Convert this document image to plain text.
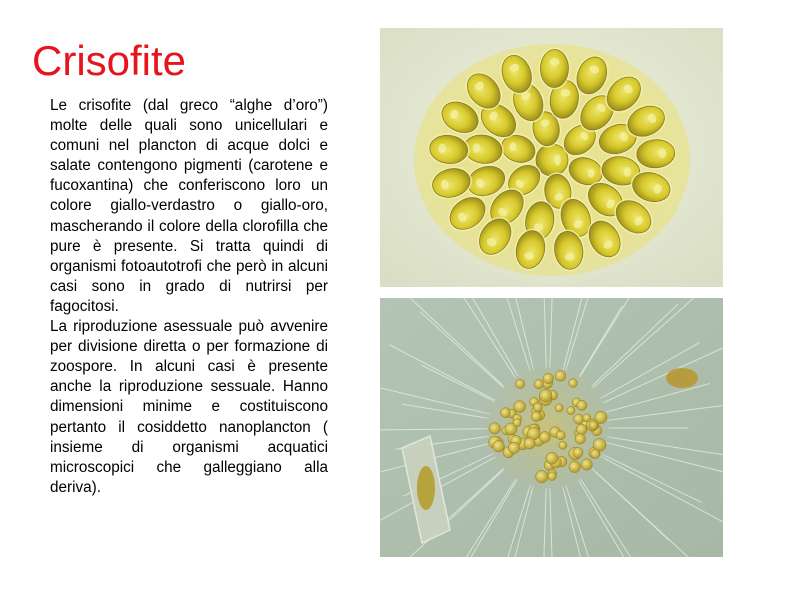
Crisofite

Le crisofite (dal greco “alghe d’oro”) molte delle quali sono unicellulari e comuni nel plancton di acque dolci e salate contengono pigmenti (carotene e fucoxantina) che conferiscono loro un colore giallo-verdastro o giallo-oro, mascherando il colore della clorofilla che pure è presente. Si tratta quindi di organismi fotoautotrofi che però in alcuni casi sono in grado di nutrirsi per fagocitosi.

La riproduzione asessuale può avvenire per divisione diretta o per formazione di zoospore. In alcuni casi è presente anche la riproduzione sessuale. Hanno dimensioni minime e costituiscono pertanto il cosiddetto nanoplancton ( insieme di organismi acquatici microscopici che galleggiano alla deriva).
